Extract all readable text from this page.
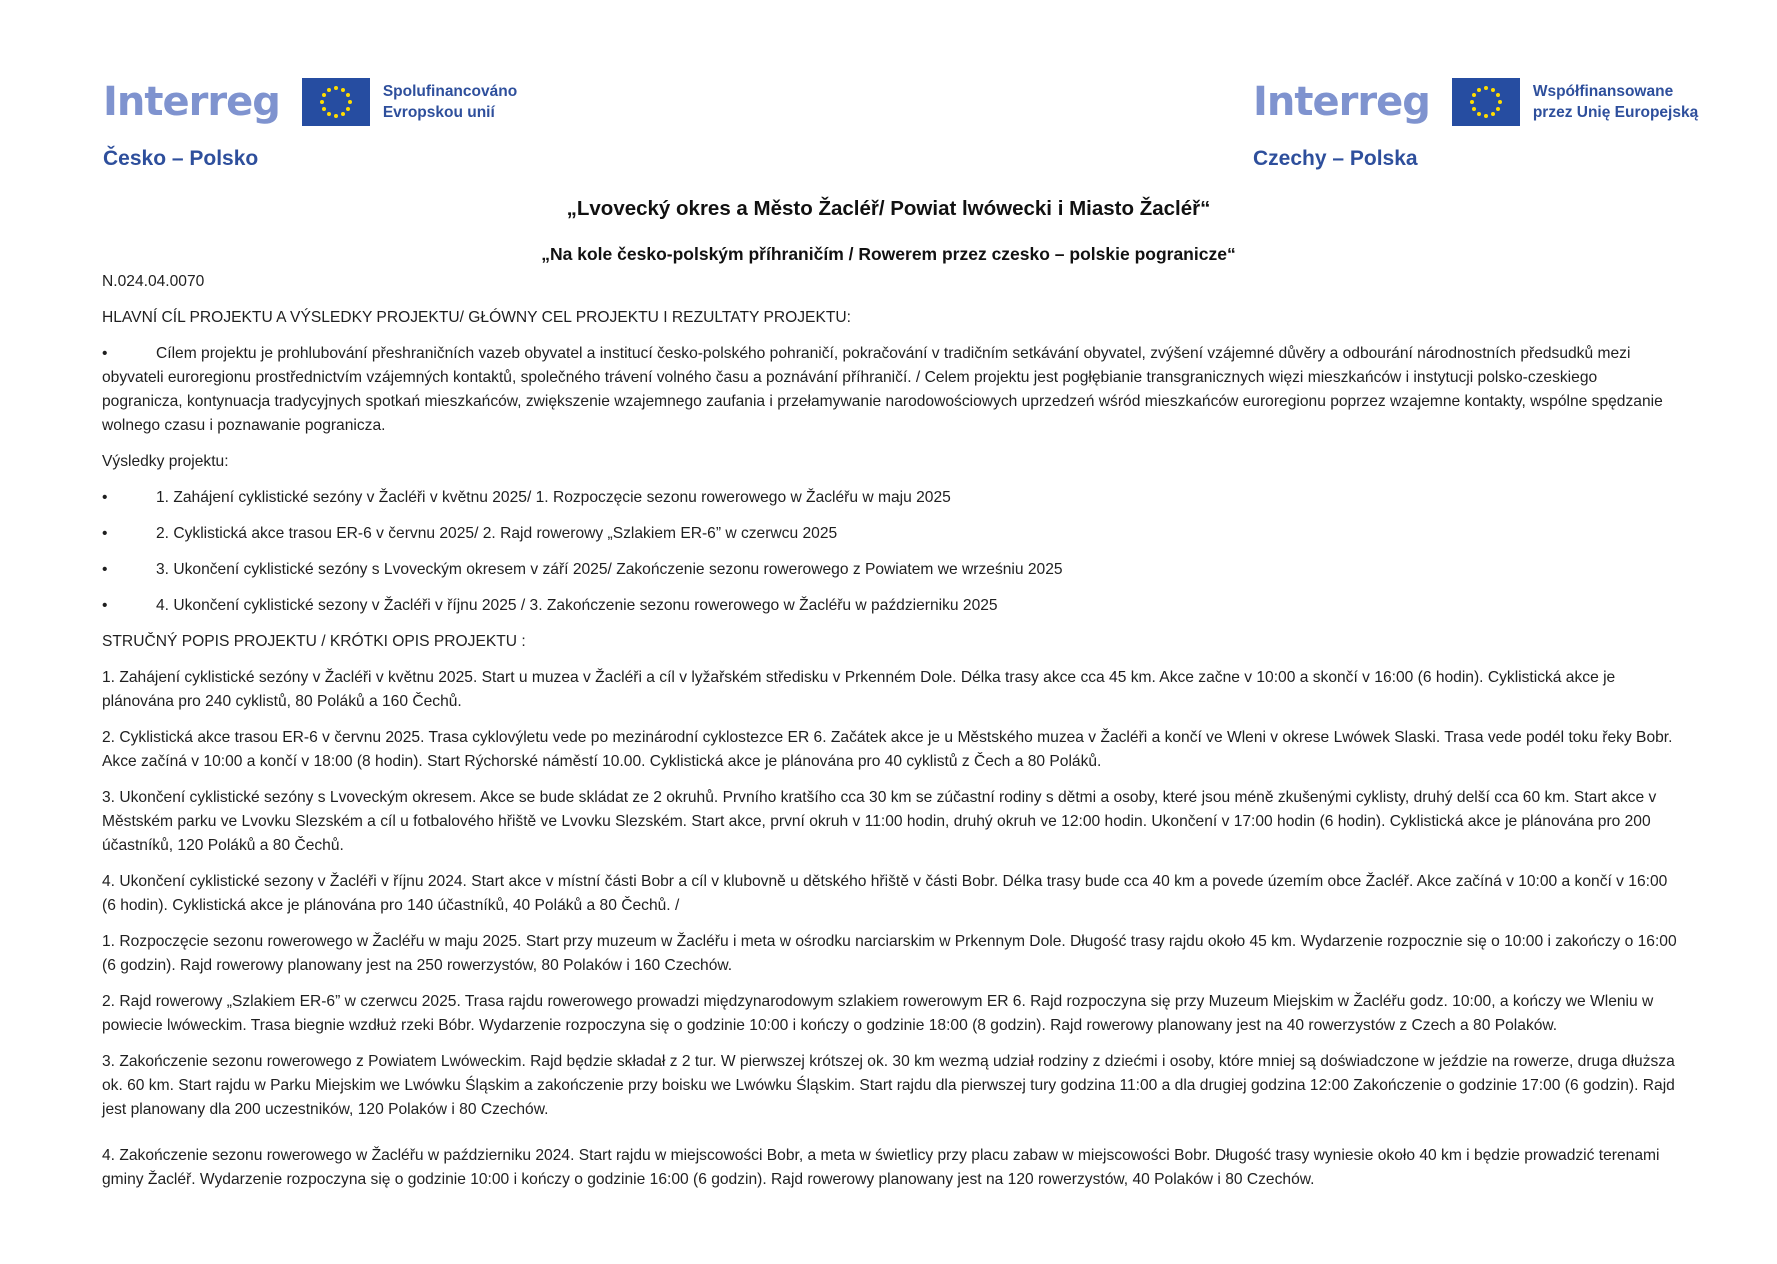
Interreg	Spolufinancováno
Evropskou unií
Česko – Polsko
Interreg	Współfinansowane
przez Unię Europejską
Czechy – Polska
„Lvovecký okres a Město Žacléř/ Powiat lwówecki i Miasto Žacléř“
„Na kole česko-polským příhraničím / Rowerem przez czesko – polskie pogranicze“

N.024.04.0070

HLAVNÍ CÍL PROJEKTU A VÝSLEDKY PROJEKTU/ GŁÓWNY CEL PROJEKTU I REZULTATY PROJEKTU:

•	Cílem projektu je prohlubování přeshraničních vazeb obyvatel a institucí česko-polského pohraničí, pokračování v tradičním setkávání obyvatel, zvýšení vzájemné důvěry a odbourání národnostních předsudků mezi obyvateli euroregionu prostřednictvím vzájemných kontaktů, společného trávení volného času a poznávání příhraničí. / Celem projektu jest pogłębianie transgranicznych więzi mieszkańców i instytucji polsko-czeskiego pogranicza, kontynuacja tradycyjnych spotkań mieszkańców, zwiększenie wzajemnego zaufania i przełamywanie narodowościowych uprzedzeń wśród mieszkańców euroregionu poprzez wzajemne kontakty, wspólne spędzanie wolnego czasu i poznawanie pogranicza.

Výsledky projektu:

•	1. Zahájení cyklistické sezóny v Žacléři v květnu 2025/ 1. Rozpoczęcie sezonu rowerowego w Žacléřu w maju 2025
•	2. Cyklistická akce trasou ER-6 v červnu 2025/ 2. Rajd rowerowy „Szlakiem ER-6” w czerwcu 2025
•	3. Ukončení cyklistické sezóny s Lvoveckým okresem v září 2025/ Zakończenie sezonu rowerowego z Powiatem we wrześniu 2025
•	4. Ukončení cyklistické sezony v Žacléři v říjnu 2025 / 3. Zakończenie sezonu rowerowego w Žacléřu w październiku 2025

STRUČNÝ POPIS PROJEKTU / KRÓTKI OPIS PROJEKTU :

1. Zahájení cyklistické sezóny v Žacléři v květnu 2025. Start u muzea v Žacléři a cíl v lyžařském středisku v Prkenném Dole. Délka trasy akce cca 45 km. Akce začne v 10:00 a skončí v 16:00 (6 hodin). Cyklistická akce je plánována pro 240 cyklistů, 80 Poláků a 160 Čechů.

2. Cyklistická akce trasou ER-6 v červnu 2025. Trasa cyklovýletu vede po mezinárodní cyklostezce ER 6. Začátek akce je u Městského muzea v Žacléři a končí ve Wleni v okrese Lwówek Slaski. Trasa vede podél toku řeky Bobr. Akce začíná v 10:00 a končí v 18:00 (8 hodin). Start Rýchorské náměstí 10.00. Cyklistická akce je plánována pro 40 cyklistů z Čech a 80 Poláků.

3. Ukončení cyklistické sezóny s Lvoveckým okresem. Akce se bude skládat ze 2 okruhů. Prvního kratšího cca 30 km se zúčastní rodiny s dětmi a osoby, které jsou méně zkušenými cyklisty, druhý delší cca 60 km. Start akce v Městském parku ve Lvovku Slezském a cíl u fotbalového hřiště ve Lvovku Slezském. Start akce, první okruh v 11:00 hodin, druhý okruh ve 12:00 hodin. Ukončení v 17:00 hodin (6 hodin). Cyklistická akce je plánována pro 200 účastníků, 120 Poláků a 80 Čechů.

4. Ukončení cyklistické sezony v Žacléři v říjnu 2024. Start akce v místní části Bobr a cíl v klubovně u dětského hřiště v části Bobr. Délka trasy bude cca 40 km a povede územím obce Žacléř. Akce začíná v 10:00 a končí v 16:00 (6 hodin). Cyklistická akce je plánována pro 140 účastníků, 40 Poláků a 80 Čechů. /

1. Rozpoczęcie sezonu rowerowego w Žacléřu w maju 2025. Start przy muzeum w Žacléřu i meta w ośrodku narciarskim w Prkennym Dole. Długość trasy rajdu około 45 km. Wydarzenie rozpocznie się o 10:00 i zakończy o 16:00 (6 godzin). Rajd rowerowy planowany jest na 250 rowerzystów, 80 Polaków i 160 Czechów.

2. Rajd rowerowy „Szlakiem ER-6” w czerwcu 2025. Trasa rajdu rowerowego prowadzi międzynarodowym szlakiem rowerowym ER 6. Rajd rozpoczyna się przy Muzeum Miejskim w Žacléřu godz. 10:00, a kończy we Wleniu w powiecie lwóweckim. Trasa biegnie wzdłuż rzeki Bóbr. Wydarzenie rozpoczyna się o godzinie 10:00 i kończy o godzinie 18:00 (8 godzin). Rajd rowerowy planowany jest na 40 rowerzystów z Czech a 80 Polaków.

3. Zakończenie sezonu rowerowego z Powiatem Lwóweckim. Rajd będzie składał z 2 tur. W pierwszej krótszej ok. 30 km wezmą udział rodziny z dziećmi i osoby, które mniej są doświadczone w jeździe na rowerze, druga dłuższa ok. 60 km. Start rajdu w Parku Miejskim we Lwówku Śląskim a zakończenie przy boisku we Lwówku Śląskim. Start rajdu dla pierwszej tury godzina 11:00 a dla drugiej godzina 12:00 Zakończenie o godzinie 17:00 (6 godzin). Rajd jest planowany dla 200 uczestników, 120 Polaków i 80 Czechów.

4. Zakończenie sezonu rowerowego w Žacléřu w październiku 2024. Start rajdu w miejscowości Bobr, a meta w świetlicy przy placu zabaw w miejscowości Bobr. Długość trasy wyniesie około 40 km i będzie prowadzić terenami gminy Žacléř. Wydarzenie rozpoczyna się o godzinie 10:00 i kończy o godzinie 16:00 (6 godzin). Rajd rowerowy planowany jest na 120 rowerzystów, 40 Polaków i 80 Czechów.
